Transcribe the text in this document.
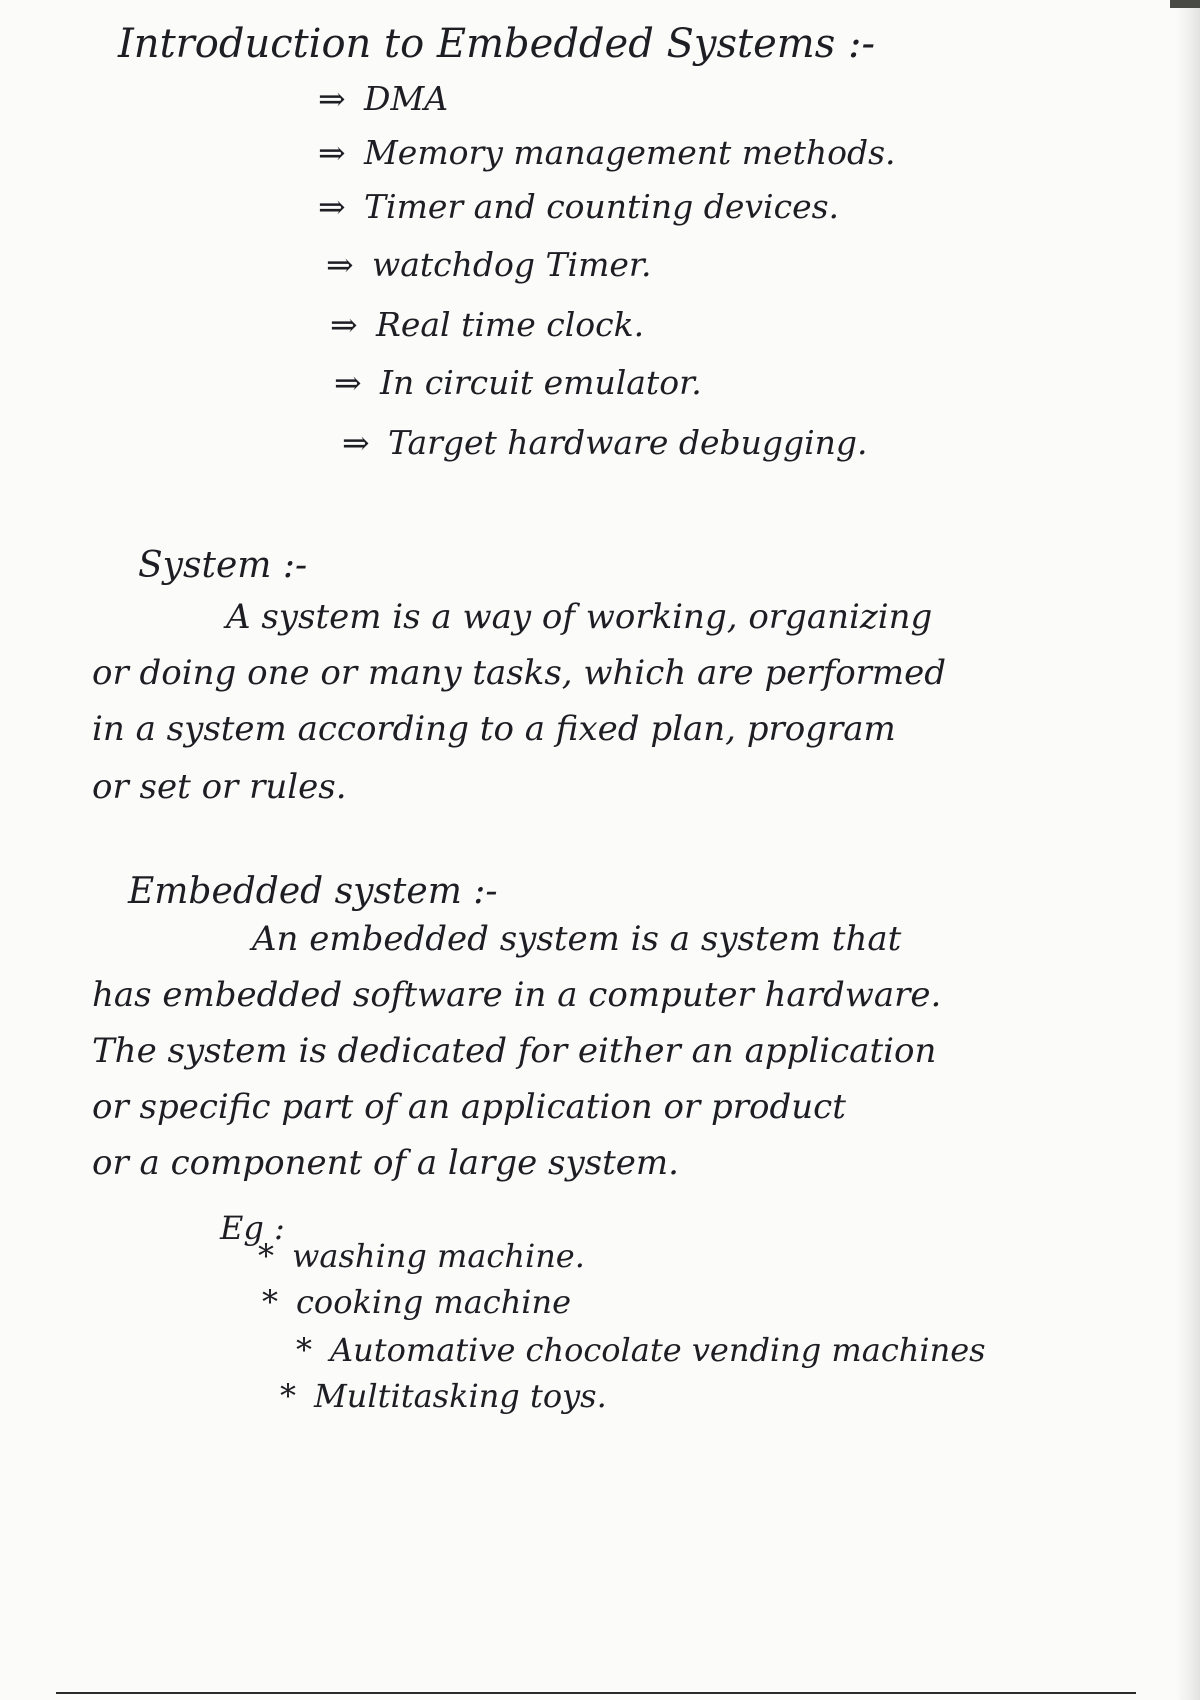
Introduction to Embedded Systems :-
⇒ DMA
⇒ Memory management methods.
⇒ Timer and counting devices.
⇒ watchdog Timer.
⇒ Real time clock.
⇒ In circuit emulator.
⇒ Target hardware debugging.
System :-
A system is a way of working, organizing
or doing one or many tasks, which are performed
in a system according to a fixed plan, program
or set or rules.
Embedded system :-
An embedded system is a system that
has embedded software in a computer hardware.
The system is dedicated for either an application
or specific part of an application or product
or a component of a large system.
Eg :
* washing machine.
* cooking machine
* Automative chocolate vending machines
* Multitasking toys.
